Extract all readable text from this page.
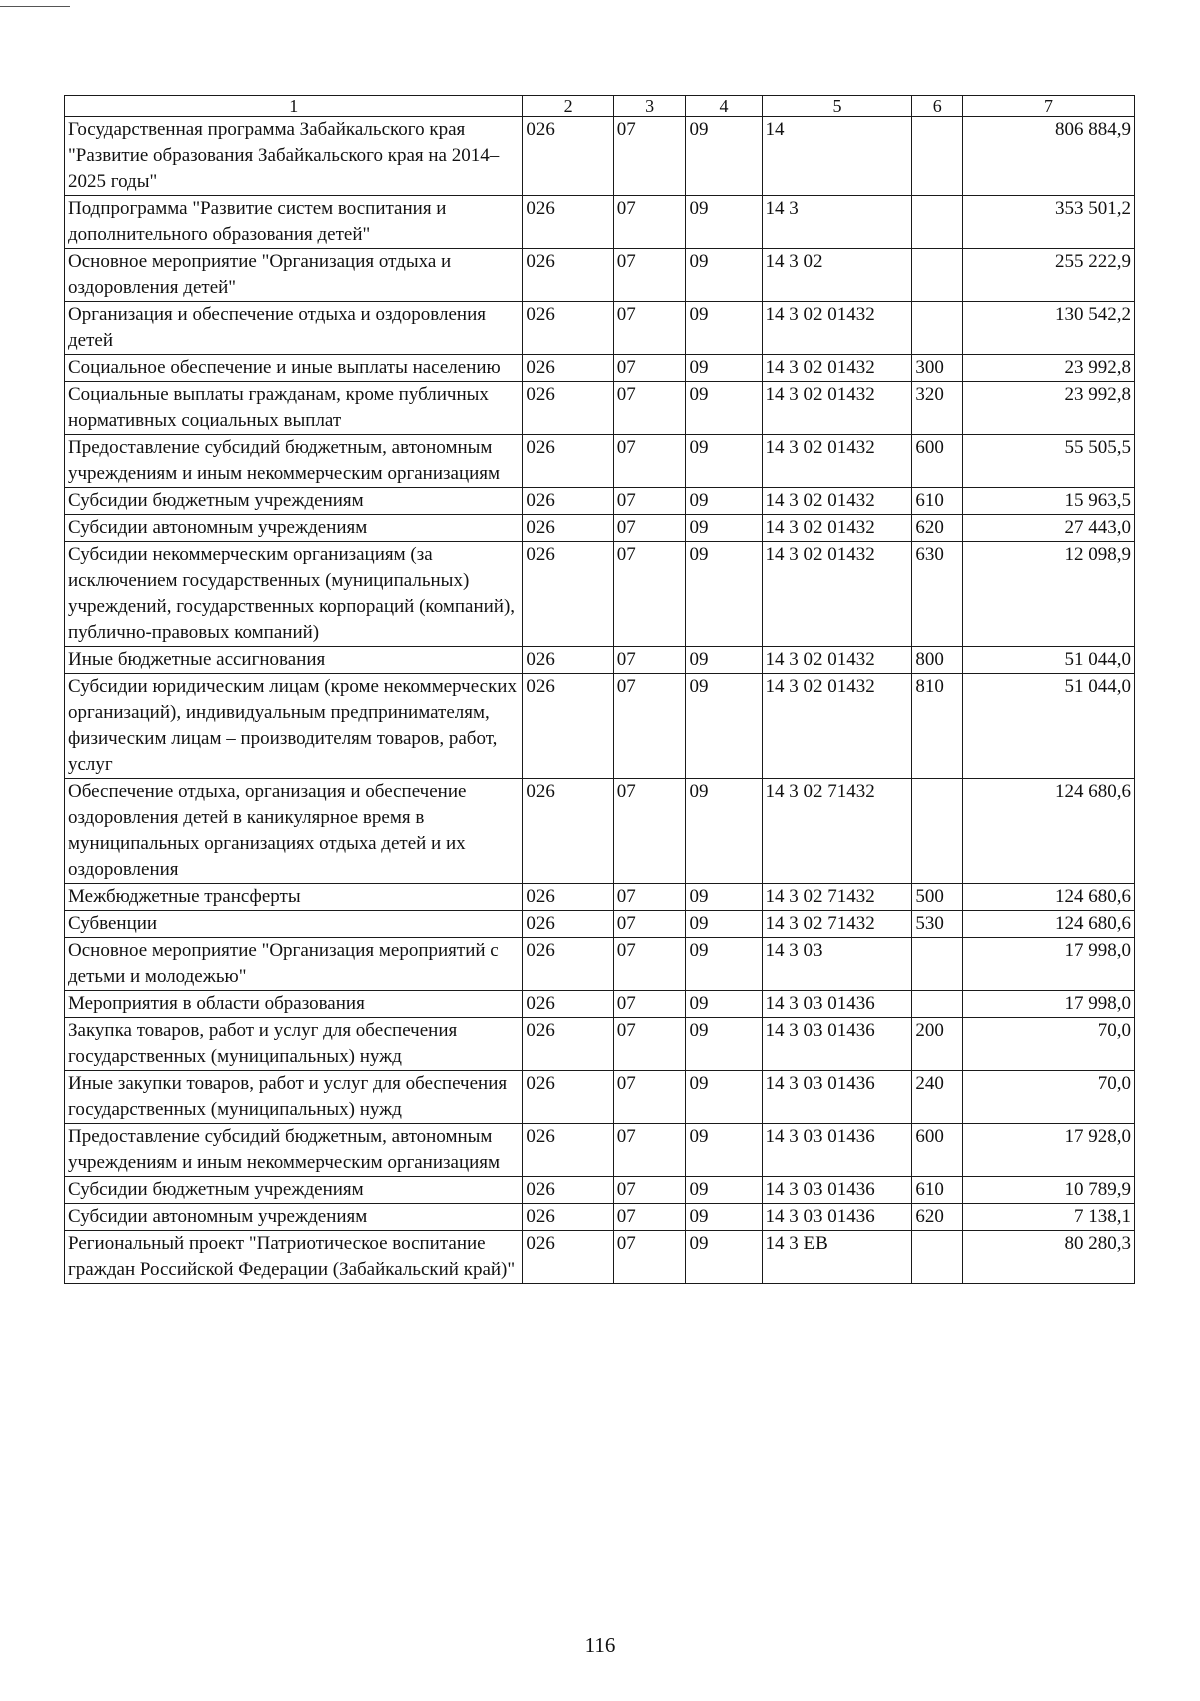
1	2	3	4	5	6	7
Государственная программа Забайкальского края "Развитие образования Забайкальского края на 2014–2025 годы"	026	07	09	14		806 884,9
Подпрограмма "Развитие систем воспитания и дополнительного образования детей"	026	07	09	14 3		353 501,2
Основное мероприятие "Организация отдыха и оздоровления детей"	026	07	09	14 3 02		255 222,9
Организация и обеспечение отдыха и оздоровления детей	026	07	09	14 3 02 01432		130 542,2
Социальное обеспечение и иные выплаты населению	026	07	09	14 3 02 01432	300	23 992,8
Социальные выплаты гражданам, кроме публичных нормативных социальных выплат	026	07	09	14 3 02 01432	320	23 992,8
Предоставление субсидий бюджетным, автономным учреждениям и иным некоммерческим организациям	026	07	09	14 3 02 01432	600	55 505,5
Субсидии бюджетным учреждениям	026	07	09	14 3 02 01432	610	15 963,5
Субсидии автономным учреждениям	026	07	09	14 3 02 01432	620	27 443,0
Субсидии некоммерческим организациям (за исключением государственных (муниципальных) учреждений, государственных корпораций (компаний), публично-правовых компаний)	026	07	09	14 3 02 01432	630	12 098,9
Иные бюджетные ассигнования	026	07	09	14 3 02 01432	800	51 044,0
Субсидии юридическим лицам (кроме некоммерческих организаций), индивидуальным предпринимателям, физическим лицам – производителям товаров, работ, услуг	026	07	09	14 3 02 01432	810	51 044,0
Обеспечение отдыха, организация и обеспечение оздоровления детей в каникулярное время в муниципальных организациях отдыха детей и их оздоровления	026	07	09	14 3 02 71432		124 680,6
Межбюджетные трансферты	026	07	09	14 3 02 71432	500	124 680,6
Субвенции	026	07	09	14 3 02 71432	530	124 680,6
Основное мероприятие "Организация мероприятий с детьми и молодежью"	026	07	09	14 3 03		17 998,0
Мероприятия в области образования	026	07	09	14 3 03 01436		17 998,0
Закупка товаров, работ и услуг для обеспечения государственных (муниципальных) нужд	026	07	09	14 3 03 01436	200	70,0
Иные закупки товаров, работ и услуг для обеспечения государственных (муниципальных) нужд	026	07	09	14 3 03 01436	240	70,0
Предоставление субсидий бюджетным, автономным учреждениям и иным некоммерческим организациям	026	07	09	14 3 03 01436	600	17 928,0
Субсидии бюджетным учреждениям	026	07	09	14 3 03 01436	610	10 789,9
Субсидии автономным учреждениям	026	07	09	14 3 03 01436	620	7 138,1
Региональный проект "Патриотическое воспитание граждан Российской Федерации (Забайкальский край)"	026	07	09	14 3 EВ		80 280,3
116
